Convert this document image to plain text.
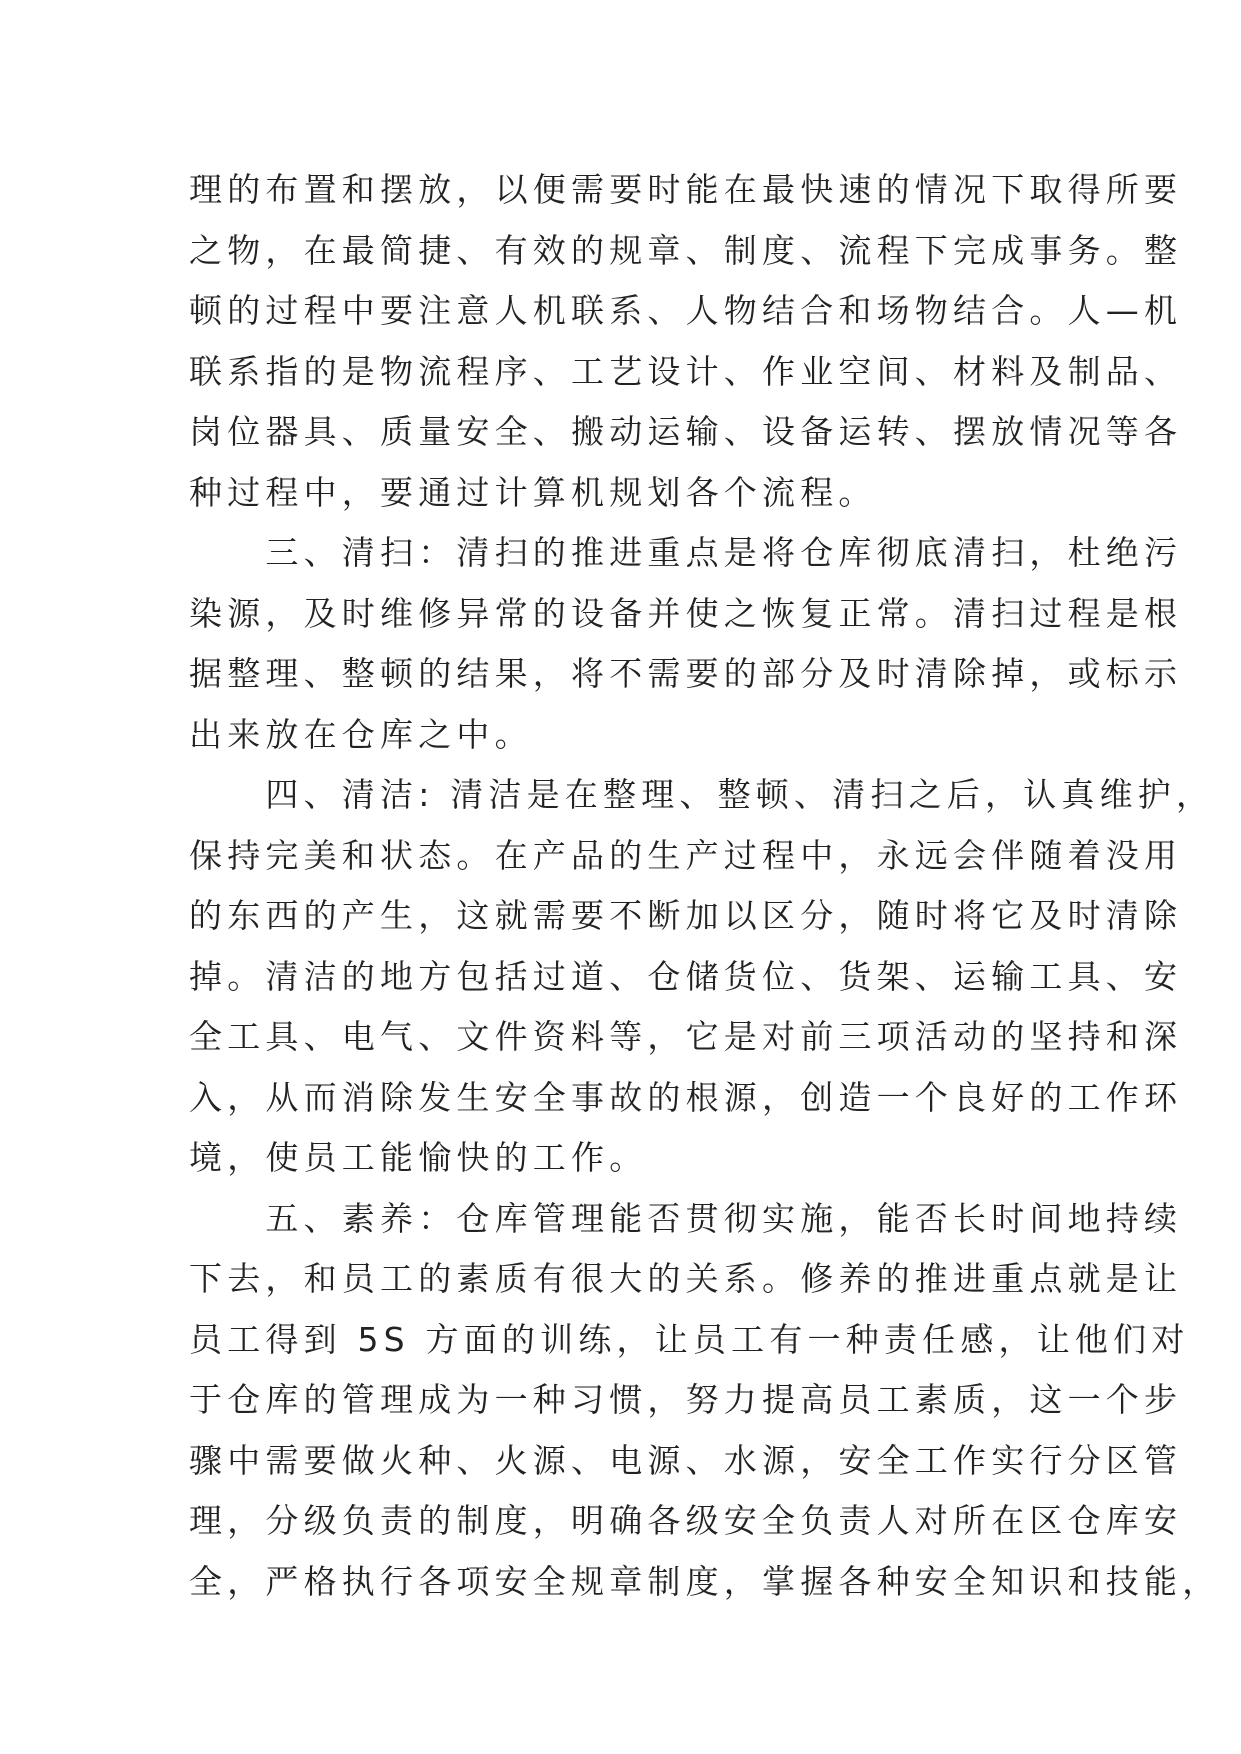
理的布置和摆放，以便需要时能在最快速的情况下取得所要
之物，在最简捷、有效的规章、制度、流程下完成事务。整
顿的过程中要注意人机联系、人物结合和场物结合。人—机
联系指的是物流程序、工艺设计、作业空间、材料及制品、
岗位器具、质量安全、搬动运输、设备运转、摆放情况等各
种过程中，要通过计算机规划各个流程。
　　三、清扫：清扫的推进重点是将仓库彻底清扫，杜绝污
染源，及时维修异常的设备并使之恢复正常。清扫过程是根
据整理、整顿的结果，将不需要的部分及时清除掉，或标示
出来放在仓库之中。
　　四、清洁: 清洁是在整理、整顿、清扫之后，认真维护，
保持完美和状态。在产品的生产过程中，永远会伴随着没用
的东西的产生，这就需要不断加以区分，随时将它及时清除
掉。清洁的地方包括过道、仓储货位、货架、运输工具、安
全工具、电气、文件资料等，它是对前三项活动的坚持和深
入，从而消除发生安全事故的根源，创造一个良好的工作环
境，使员工能愉快的工作。
　　五、素养：仓库管理能否贯彻实施，能否长时间地持续
下去，和员工的素质有很大的关系。修养的推进重点就是让
员工得到 5S 方面的训练，让员工有一种责任感，让他们对
于仓库的管理成为一种习惯，努力提高员工素质，这一个步
骤中需要做火种、火源、电源、水源，安全工作实行分区管
理，分级负责的制度，明确各级安全负责人对所在区仓库安
全，严格执行各项安全规章制度，掌握各种安全知识和技能，
